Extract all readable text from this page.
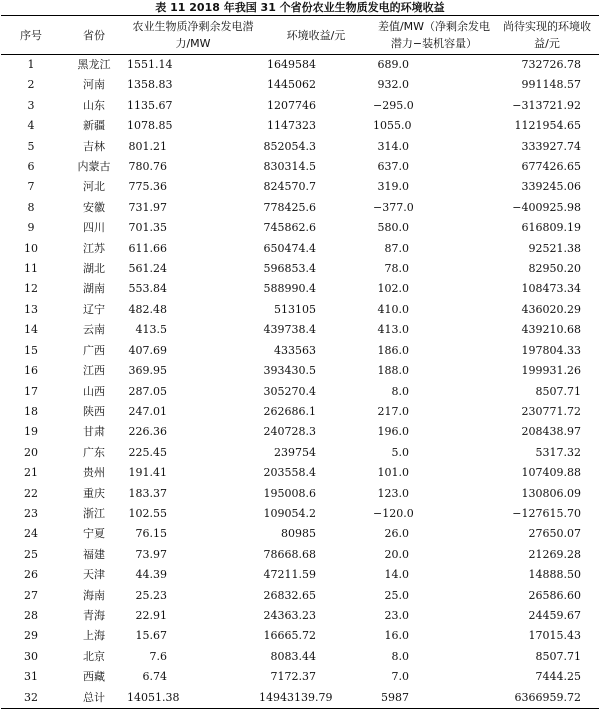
表 11 2018 年我国 31 个省份农业生物质发电的环境收益
序号	省份	农业生物质净剩余发电潜力/MW	环境收益/元	差值/MW（净剩余发电潜力−装机容量）	尚待实现的环境收益/元
1	黑龙江	1551.14	1649584	689.0	732726.78
2	河南	1358.83	1445062	932.0	991148.57
3	山东	1135.67	1207746	−295.0	−313721.92
4	新疆	1078.85	1147323	1055.0	1121954.65
5	吉林	801.21	852054.3	314.0	333927.74
6	内蒙古	780.76	830314.5	637.0	677426.65
7	河北	775.36	824570.7	319.0	339245.06
8	安徽	731.97	778425.6	−377.0	−400925.98
9	四川	701.35	745862.6	580.0	616809.19
10	江苏	611.66	650474.4	87.0	92521.38
11	湖北	561.24	596853.4	78.0	82950.20
12	湖南	553.84	588990.4	102.0	108473.34
13	辽宁	482.48	513105	410.0	436020.29
14	云南	413.5	439738.4	413.0	439210.68
15	广西	407.69	433563	186.0	197804.33
16	江西	369.95	393430.5	188.0	199931.26
17	山西	287.05	305270.4	8.0	8507.71
18	陕西	247.01	262686.1	217.0	230771.72
19	甘肃	226.36	240728.3	196.0	208438.97
20	广东	225.45	239754	5.0	5317.32
21	贵州	191.41	203558.4	101.0	107409.88
22	重庆	183.37	195008.6	123.0	130806.09
23	浙江	102.55	109054.2	−120.0	−127615.70
24	宁夏	76.15	80985	26.0	27650.07
25	福建	73.97	78668.68	20.0	21269.28
26	天津	44.39	47211.59	14.0	14888.50
27	海南	25.23	26832.65	25.0	26586.60
28	青海	22.91	24363.23	23.0	24459.67
29	上海	15.67	16665.72	16.0	17015.43
30	北京	7.6	8083.44	8.0	8507.71
31	西藏	6.74	7172.37	7.0	7444.25
32	总计	14051.38	14943139.79	5987	6366959.72
